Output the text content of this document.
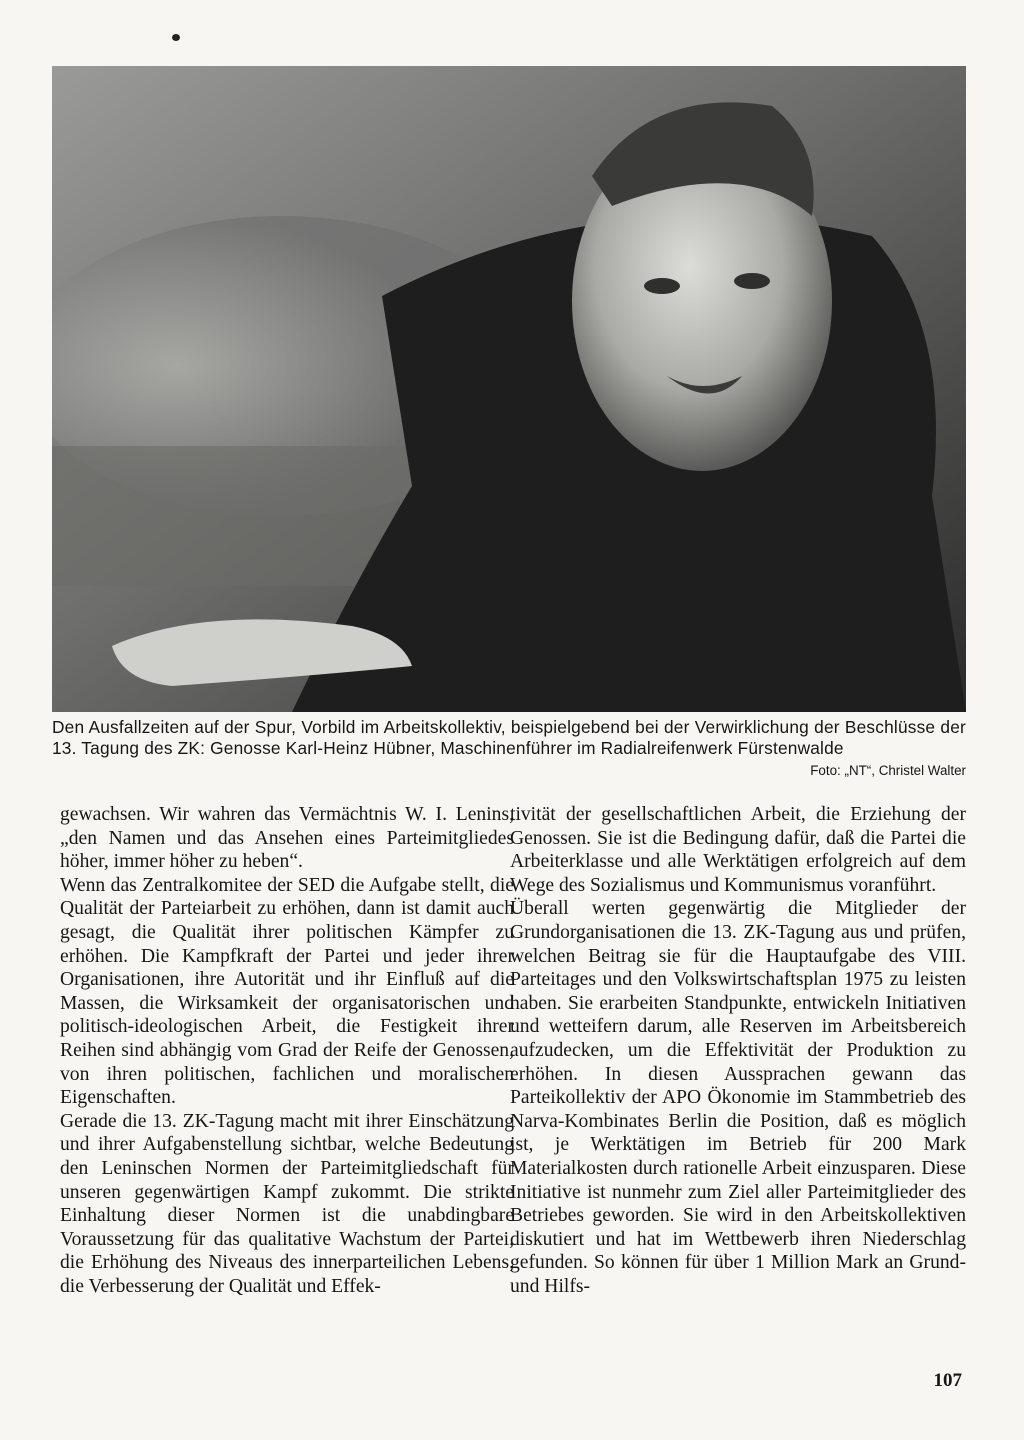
Den Ausfallzeiten auf der Spur, Vorbild im Arbeitskollektiv, beispielgebend bei der Verwirklichung der Beschlüsse der 13. Tagung des ZK: Genosse Karl-Heinz Hübner, Maschinenführer im Radialreifenwerk Fürstenwalde
Foto: „NT“, Christel Walter

gewachsen. Wir wahren das Vermächtnis W. I. Lenins, „den Namen und das Ansehen eines Parteimitgliedes höher, immer höher zu heben“.

Wenn das Zentralkomitee der SED die Aufgabe stellt, die Qualität der Parteiarbeit zu erhöhen, dann ist damit auch gesagt, die Qualität ihrer politischen Kämpfer zu erhöhen. Die Kampfkraft der Partei und jeder ihrer Organisationen, ihre Autorität und ihr Einfluß auf die Massen, die Wirksamkeit der organisatorischen und politisch-ideologischen Arbeit, die Festigkeit ihrer Reihen sind abhängig vom Grad der Reife der Genossen, von ihren politischen, fachlichen und moralischen Eigenschaften.

Gerade die 13. ZK-Tagung macht mit ihrer Einschätzung und ihrer Aufgabenstellung sichtbar, welche Bedeutung den Leninschen Normen der Parteimitgliedschaft für unseren gegenwärtigen Kampf zukommt. Die strikte Einhaltung dieser Normen ist die unabdingbare Voraussetzung für das qualitative Wachstum der Partei, die Erhöhung des Niveaus des innerparteilichen Lebens, die Verbesserung der Qualität und Effek-

tivität der gesellschaftlichen Arbeit, die Erziehung der Genossen. Sie ist die Bedingung dafür, daß die Partei die Arbeiterklasse und alle Werktätigen erfolgreich auf dem Wege des Sozialismus und Kommunismus voranführt.

Überall werten gegenwärtig die Mitglieder der Grundorganisationen die 13. ZK-Tagung aus und prüfen, welchen Beitrag sie für die Hauptaufgabe des VIII. Parteitages und den Volkswirtschaftsplan 1975 zu leisten haben. Sie erarbeiten Standpunkte, entwickeln Initiativen und wetteifern darum, alle Reserven im Arbeitsbereich aufzudecken, um die Effektivität der Produktion zu erhöhen. In diesen Aussprachen gewann das Parteikollektiv der APO Ökonomie im Stammbetrieb des Narva-Kombinates Berlin die Position, daß es möglich ist, je Werktätigen im Betrieb für 200 Mark Materialkosten durch rationelle Arbeit einzusparen. Diese Initiative ist nunmehr zum Ziel aller Parteimitglieder des Betriebes geworden. Sie wird in den Arbeitskollektiven diskutiert und hat im Wettbewerb ihren Niederschlag gefunden. So können für über 1 Million Mark an Grund- und Hilfs-

107
